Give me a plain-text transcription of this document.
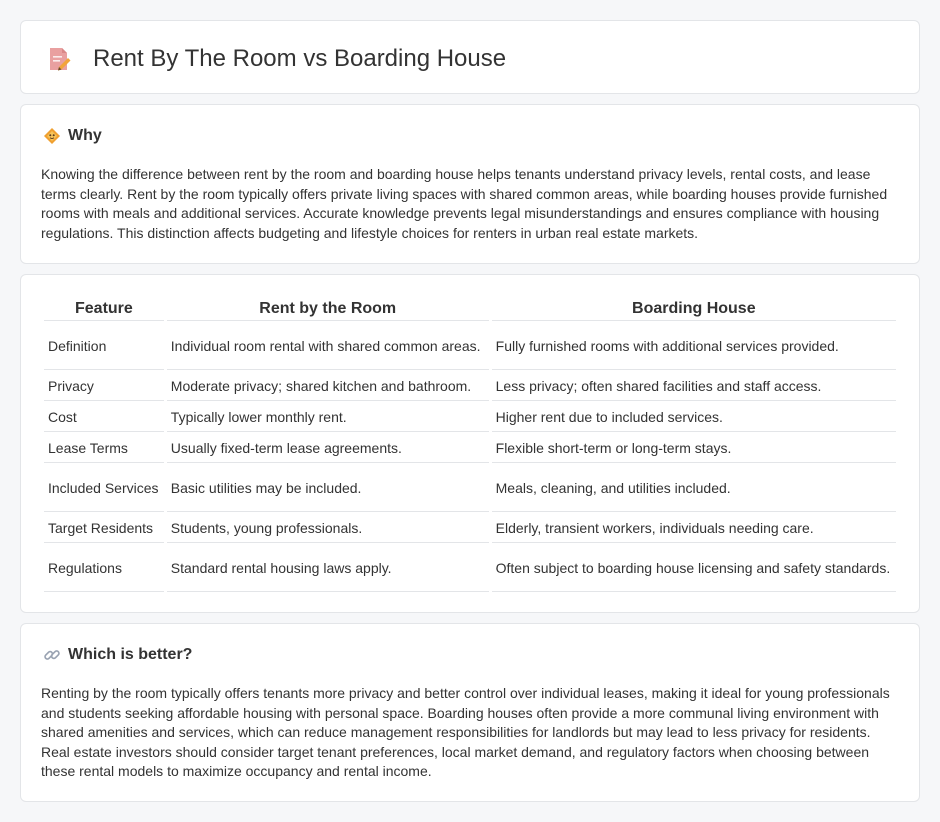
Rent By The Room vs Boarding House
Why

Knowing the difference between rent by the room and boarding house helps tenants understand privacy levels, rental costs, and lease terms clearly. Rent by the room typically offers private living spaces with shared common areas, while boarding houses provide furnished rooms with meals and additional services. Accurate knowledge prevents legal misunderstandings and ensures compliance with housing regulations. This distinction affects budgeting and lifestyle choices for renters in urban real estate markets.

Feature	Rent by the Room	Boarding House
Definition	Individual room rental with shared common areas.	Fully furnished rooms with additional services provided.
Privacy	Moderate privacy; shared kitchen and bathroom.	Less privacy; often shared facilities and staff access.
Cost	Typically lower monthly rent.	Higher rent due to included services.
Lease Terms	Usually fixed-term lease agreements.	Flexible short-term or long-term stays.
Included Services	Basic utilities may be included.	Meals, cleaning, and utilities included.
Target Residents	Students, young professionals.	Elderly, transient workers, individuals needing care.
Regulations	Standard rental housing laws apply.	Often subject to boarding house licensing and safety standards.
Which is better?

Renting by the room typically offers tenants more privacy and better control over individual leases, making it ideal for young professionals and students seeking affordable housing with personal space. Boarding houses often provide a more communal living environment with shared amenities and services, which can reduce management responsibilities for landlords but may lead to less privacy for residents. Real estate investors should consider target tenant preferences, local market demand, and regulatory factors when choosing between these rental models to maximize occupancy and rental income.
